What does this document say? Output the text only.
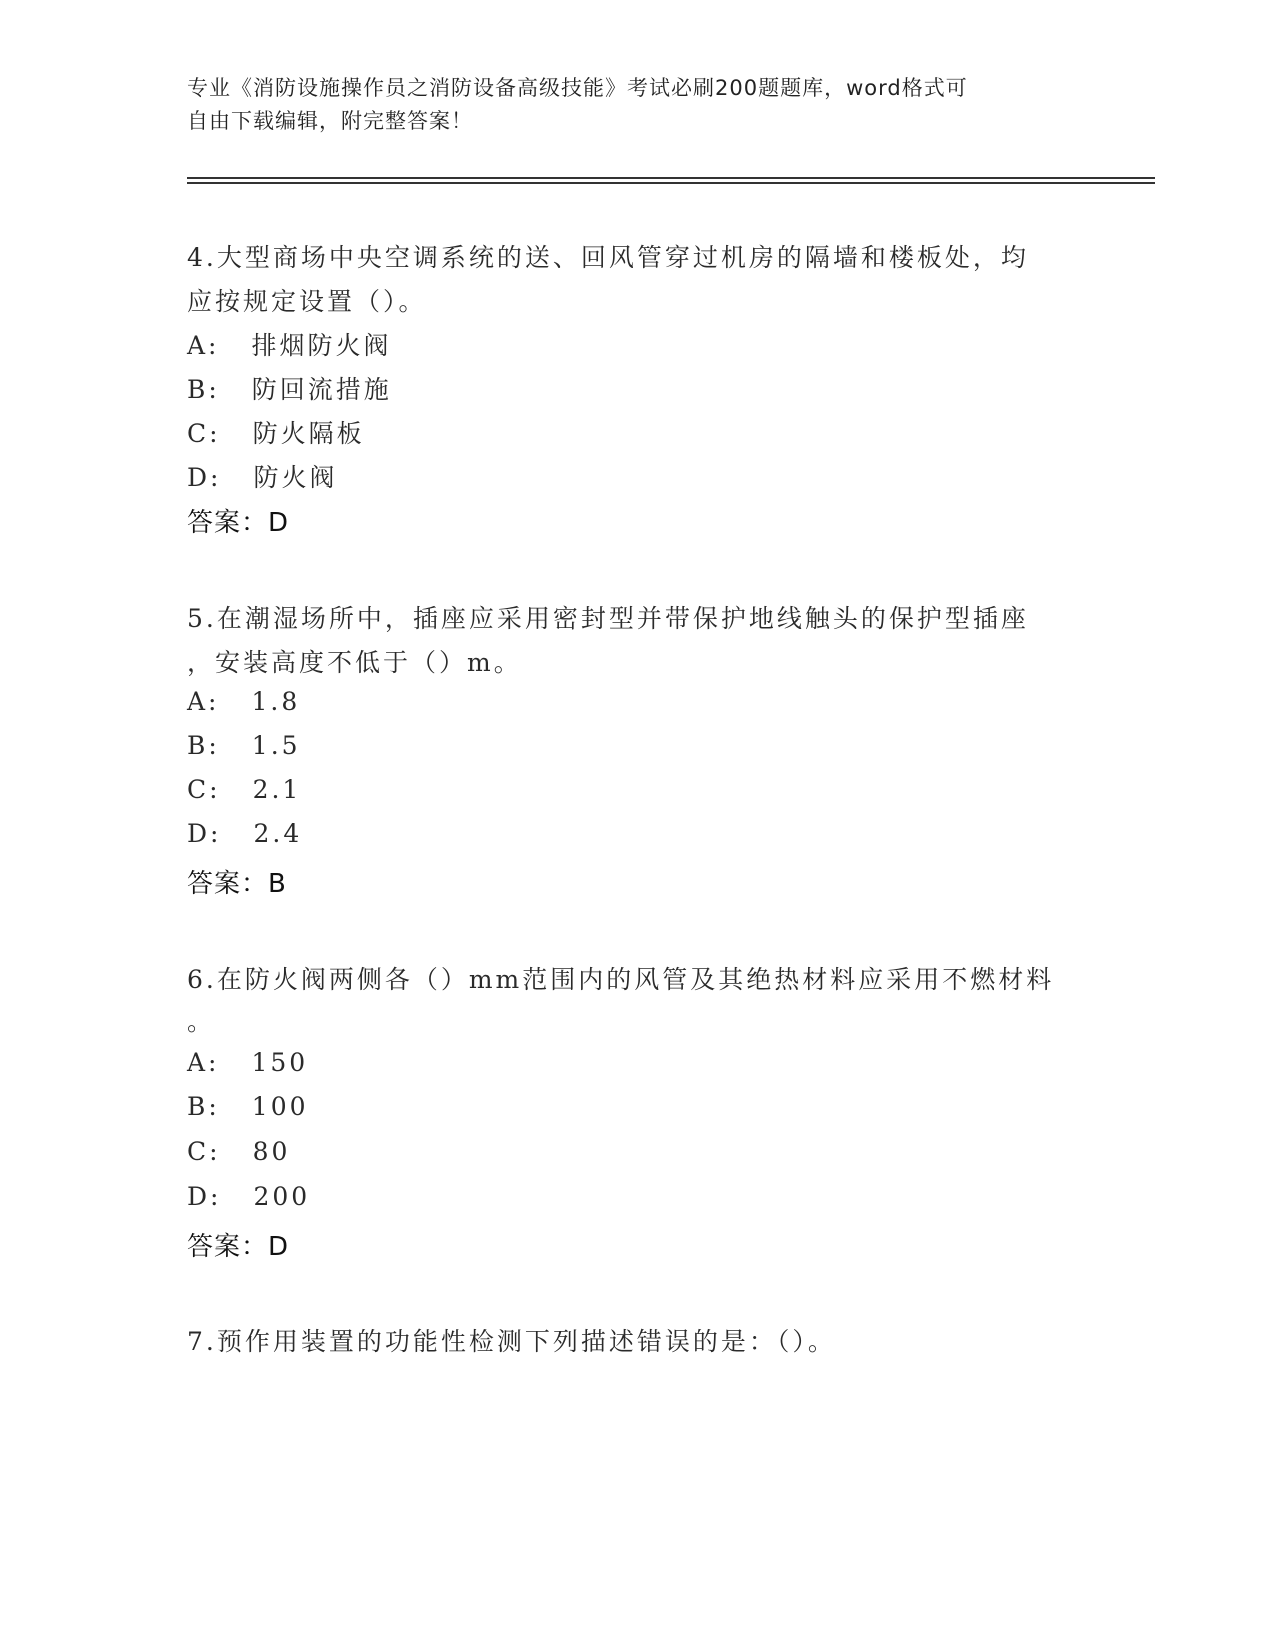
专业《消防设施操作员之消防设备高级技能》考试必刷200题题库，word格式可
自由下载编辑，附完整答案！
4.大型商场中央空调系统的送、回风管穿过机房的隔墙和楼板处，均
应按规定设置（）。
A: 排烟防火阀
B: 防回流措施
C: 防火隔板
D: 防火阀
答案：D
5.在潮湿场所中，插座应采用密封型并带保护地线触头的保护型插座
，安装高度不低于（）m。
A: 1.8
B: 1.5
C: 2.1
D: 2.4
答案：B
6.在防火阀两侧各（）mm范围内的风管及其绝热材料应采用不燃材料
。
A: 150
B: 100
C: 80
D: 200
答案：D
7.预作用装置的功能性检测下列描述错误的是：（）。
